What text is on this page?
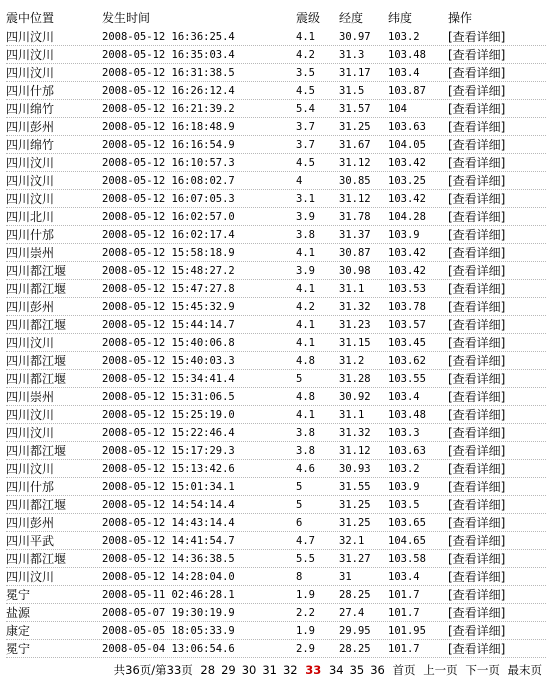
震中位置	发生时间	震级	经度	纬度	操作
四川汶川	2008-05-12 16:36:25.4	4.1	30.97	103.2	[查看详细]
四川汶川	2008-05-12 16:35:03.4	4.2	31.3	103.48	[查看详细]
四川汶川	2008-05-12 16:31:38.5	3.5	31.17	103.4	[查看详细]
四川什邡	2008-05-12 16:26:12.4	4.5	31.5	103.87	[查看详细]
四川绵竹	2008-05-12 16:21:39.2	5.4	31.57	104	[查看详细]
四川彭州	2008-05-12 16:18:48.9	3.7	31.25	103.63	[查看详细]
四川绵竹	2008-05-12 16:16:54.9	3.7	31.67	104.05	[查看详细]
四川汶川	2008-05-12 16:10:57.3	4.5	31.12	103.42	[查看详细]
四川汶川	2008-05-12 16:08:02.7	4	30.85	103.25	[查看详细]
四川汶川	2008-05-12 16:07:05.3	3.1	31.12	103.42	[查看详细]
四川北川	2008-05-12 16:02:57.0	3.9	31.78	104.28	[查看详细]
四川什邡	2008-05-12 16:02:17.4	3.8	31.37	103.9	[查看详细]
四川崇州	2008-05-12 15:58:18.9	4.1	30.87	103.42	[查看详细]
四川都江堰	2008-05-12 15:48:27.2	3.9	30.98	103.42	[查看详细]
四川都江堰	2008-05-12 15:47:27.8	4.1	31.1	103.53	[查看详细]
四川彭州	2008-05-12 15:45:32.9	4.2	31.32	103.78	[查看详细]
四川都江堰	2008-05-12 15:44:14.7	4.1	31.23	103.57	[查看详细]
四川汶川	2008-05-12 15:40:06.8	4.1	31.15	103.45	[查看详细]
四川都江堰	2008-05-12 15:40:03.3	4.8	31.2	103.62	[查看详细]
四川都江堰	2008-05-12 15:34:41.4	5	31.28	103.55	[查看详细]
四川崇州	2008-05-12 15:31:06.5	4.8	30.92	103.4	[查看详细]
四川汶川	2008-05-12 15:25:19.0	4.1	31.1	103.48	[查看详细]
四川汶川	2008-05-12 15:22:46.4	3.8	31.32	103.3	[查看详细]
四川都江堰	2008-05-12 15:17:29.3	3.8	31.12	103.63	[查看详细]
四川汶川	2008-05-12 15:13:42.6	4.6	30.93	103.2	[查看详细]
四川什邡	2008-05-12 15:01:34.1	5	31.55	103.9	[查看详细]
四川都江堰	2008-05-12 14:54:14.4	5	31.25	103.5	[查看详细]
四川彭州	2008-05-12 14:43:14.4	6	31.25	103.65	[查看详细]
四川平武	2008-05-12 14:41:54.7	4.7	32.1	104.65	[查看详细]
四川都江堰	2008-05-12 14:36:38.5	5.5	31.27	103.58	[查看详细]
四川汶川	2008-05-12 14:28:04.0	8	31	103.4	[查看详细]
冕宁	2008-05-11 02:46:28.1	1.9	28.25	101.7	[查看详细]
盐源	2008-05-07 19:30:19.9	2.2	27.4	101.7	[查看详细]
康定	2008-05-05 18:05:33.9	1.9	29.95	101.95	[查看详细]
冕宁	2008-05-04 13:06:54.6	2.9	28.25	101.7	[查看详细]
共36页/第33页 28 29 30 31 32 33 34 35 36 首页 上一页 下一页 最末页
